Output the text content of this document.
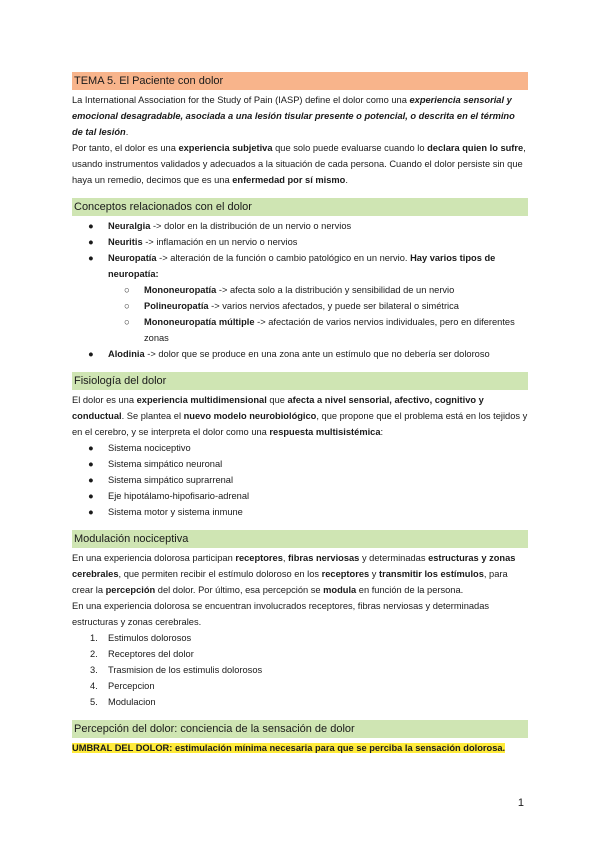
TEMA 5. El Paciente con dolor

La International Association for the Study of Pain (IASP) define el dolor como una experiencia sensorial y emocional desagradable, asociada a una lesión tisular presente o potencial, o descrita en el término de tal lesión.

Por tanto, el dolor es una experiencia subjetiva que solo puede evaluarse cuando lo declara quien lo sufre, usando instrumentos validados y adecuados a la situación de cada persona. Cuando el dolor persiste sin que haya un remedio, decimos que es una enfermedad por sí mismo.

Conceptos relacionados con el dolor
● Neuralgia -> dolor en la distribución de un nervio o nervios
● Neuritis -> inflamación en un nervio o nervios
● Neuropatía -> alteración de la función o cambio patológico en un nervio. Hay varios tipos de neuropatía:
○ Mononeuropatía -> afecta solo a la distribución y sensibilidad de un nervio
○ Polineuropatía -> varios nervios afectados, y puede ser bilateral o simétrica
○ Mononeuropatía múltiple -> afectación de varios nervios individuales, pero en diferentes zonas
● Alodinia -> dolor que se produce en una zona ante un estímulo que no debería ser doloroso
Fisiología del dolor

El dolor es una experiencia multidimensional que afecta a nivel sensorial, afectivo, cognitivo y conductual. Se plantea el nuevo modelo neurobiológico, que propone que el problema está en los tejidos y en el cerebro, y se interpreta el dolor como una respuesta multisistémica:

● Sistema nociceptivo
● Sistema simpático neuronal
● Sistema simpático suprarrenal
● Eje hipotálamo-hipofisario-adrenal
● Sistema motor y sistema inmune
Modulación nociceptiva

En una experiencia dolorosa participan receptores, fibras nerviosas y determinadas estructuras y zonas cerebrales, que permiten recibir el estímulo doloroso en los receptores y transmitir los estímulos, para crear la percepción del dolor. Por último, esa percepción se modula en función de la persona.

En una experiencia dolorosa se encuentran involucrados receptores, fibras nerviosas y determinadas estructuras y zonas cerebrales.

1. Estimulos dolorosos
2. Receptores del dolor
3. Trasmision de los estimulis dolorosos
4. Percepcion
5. Modulacion
Percepción del dolor: conciencia de la sensación de dolor

UMBRAL DEL DOLOR: estimulación mínima necesaria para que se perciba la sensación dolorosa.

1
